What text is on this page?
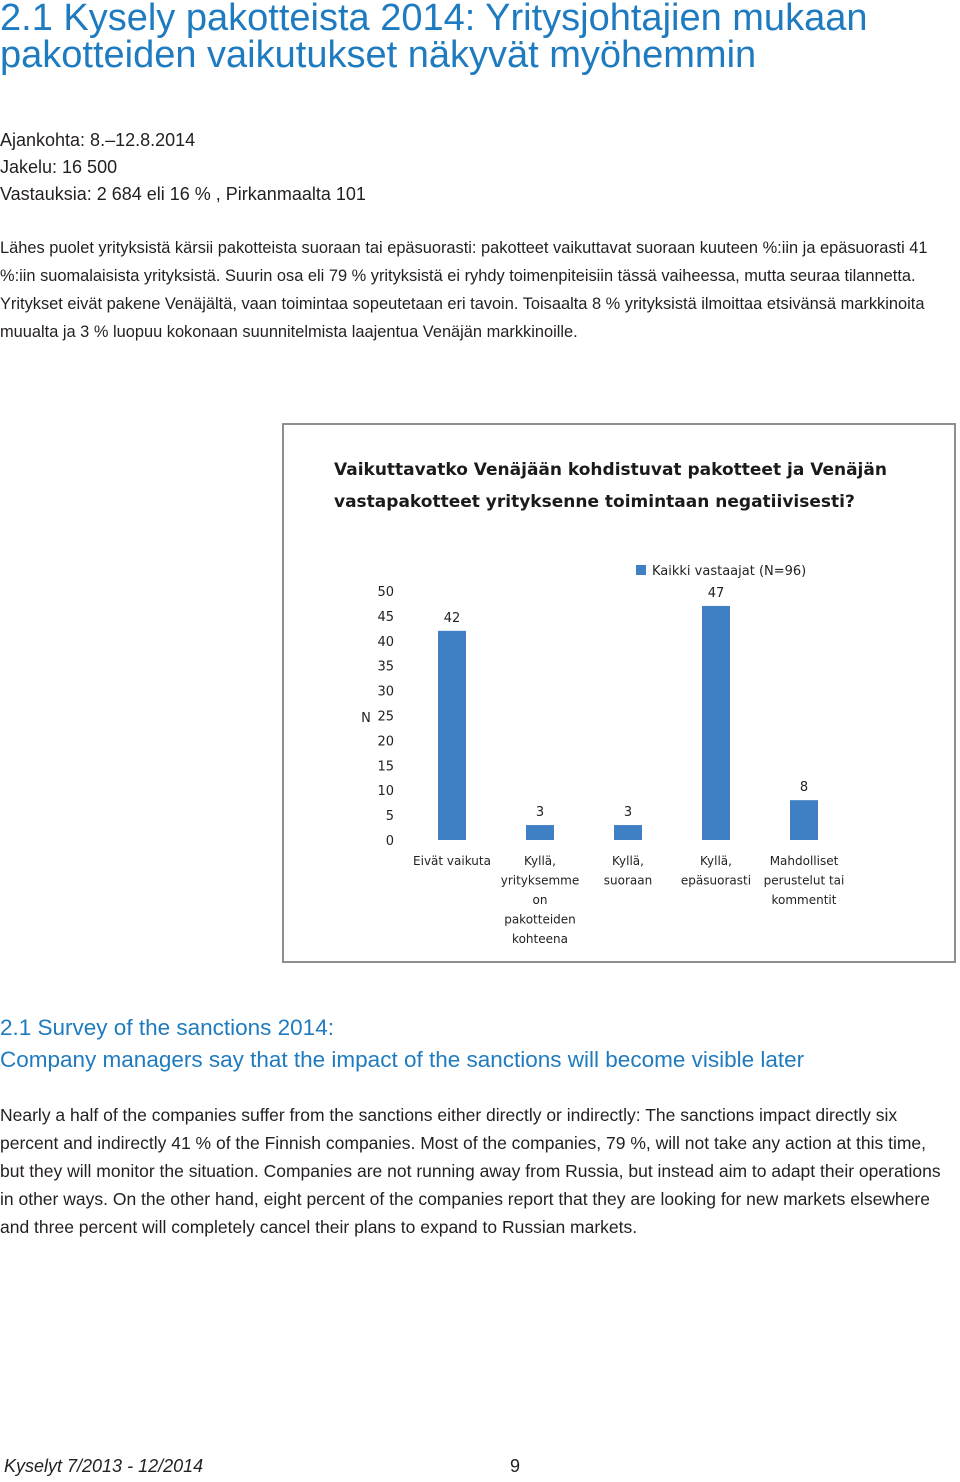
2.1 Kysely pakotteista 2014: Yritysjohtajien mukaan pakotteiden vaikutukset näkyvät myöhemmin
Ajankohta: 8.–12.8.2014
Jakelu: 16 500
Vastauksia: 2 684 eli 16 % , Pirkanmaalta 101

Lähes puolet yrityksistä kärsii pakotteista suoraan tai epäsuorasti: pakotteet vaikuttavat suoraan kuuteen %:iin ja epäsuorasti 41 %:iin suomalaisista yrityksistä. Suurin osa eli 79 % yrityksistä ei ryhdy toimenpiteisiin tässä vaiheessa, mutta seuraa tilannetta. Yritykset eivät pakene Venäjältä, vaan toimintaa sopeutetaan eri tavoin. Toisaalta 8 % yrityksistä ilmoittaa etsivänsä markkinoita muualta ja 3 % luopuu kokonaan suunnitelmista laajentua Venäjän markkinoille.

Vaikuttavatko Venäjään kohdistuvat pakotteet ja Venäjän
vastapakotteet yrityksenne toimintaan negatiivisesti?
0
5
10
15
20
25
30
35
40
45
50
N
Kaikki vastaajat (N=96)
42
Eivät vaikuta
3
Kyllä,
yrityksemme
on
pakotteiden
kohteena
3
Kyllä,
suoraan
47
Kyllä,
epäsuorasti
8
Mahdolliset
perustelut tai
kommentit
2.1 Survey of the sanctions 2014:
Company managers say that the impact of the sanctions will become visible later

Nearly a half of the companies suffer from the sanctions either directly or indirectly: The sanctions impact directly six percent and indirectly 41 % of the Finnish companies. Most of the companies, 79 %, will not take any action at this time, but they will monitor the situation. Companies are not running away from Russia, but instead aim to adapt their operations in other ways. On the other hand, eight percent of the companies report that they are looking for new markets elsewhere and three percent will completely cancel their plans to expand to Russian markets.

Kyselyt 7/2013 - 12/2014	9
